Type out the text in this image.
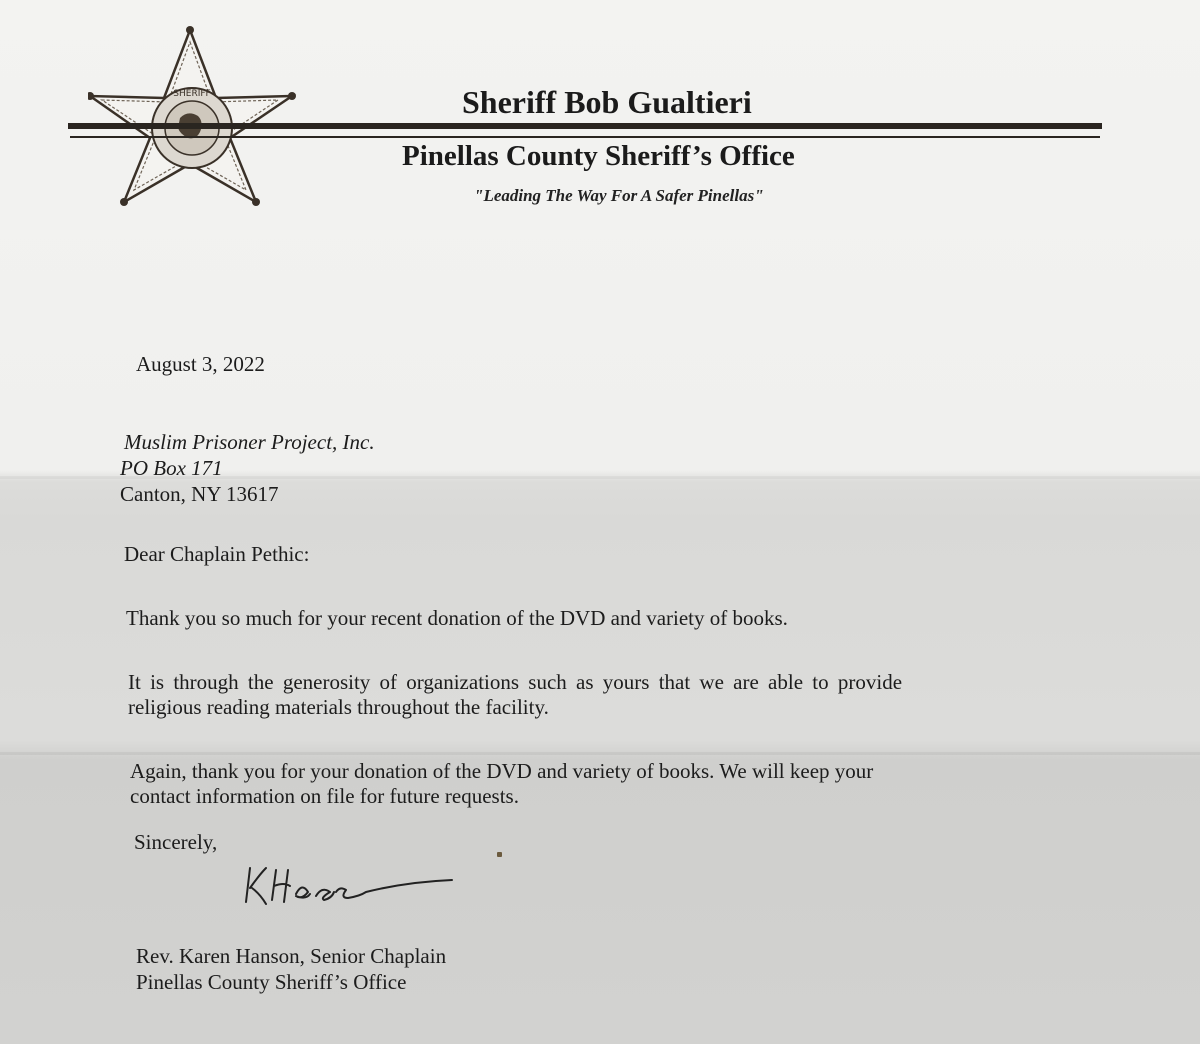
SHERIFF	Sheriff Bob Gualtieri
Pinellas County Sheriff’s Office
"Leading The Way For A Safer Pinellas"
August 3, 2022
Muslim Prisoner Project, Inc.
PO Box 171
Canton, NY 13617
Dear Chaplain Pethic:
Thank you so much for your recent donation of the DVD and variety of books.
It is through the generosity of organizations such as yours that we are able to provide
religious reading materials throughout the facility.
Again, thank you for your donation of the DVD and variety of books. We will keep your
contact information on file for future requests.
Sincerely,
Rev. Karen Hanson, Senior Chaplain
Pinellas County Sheriff’s Office
